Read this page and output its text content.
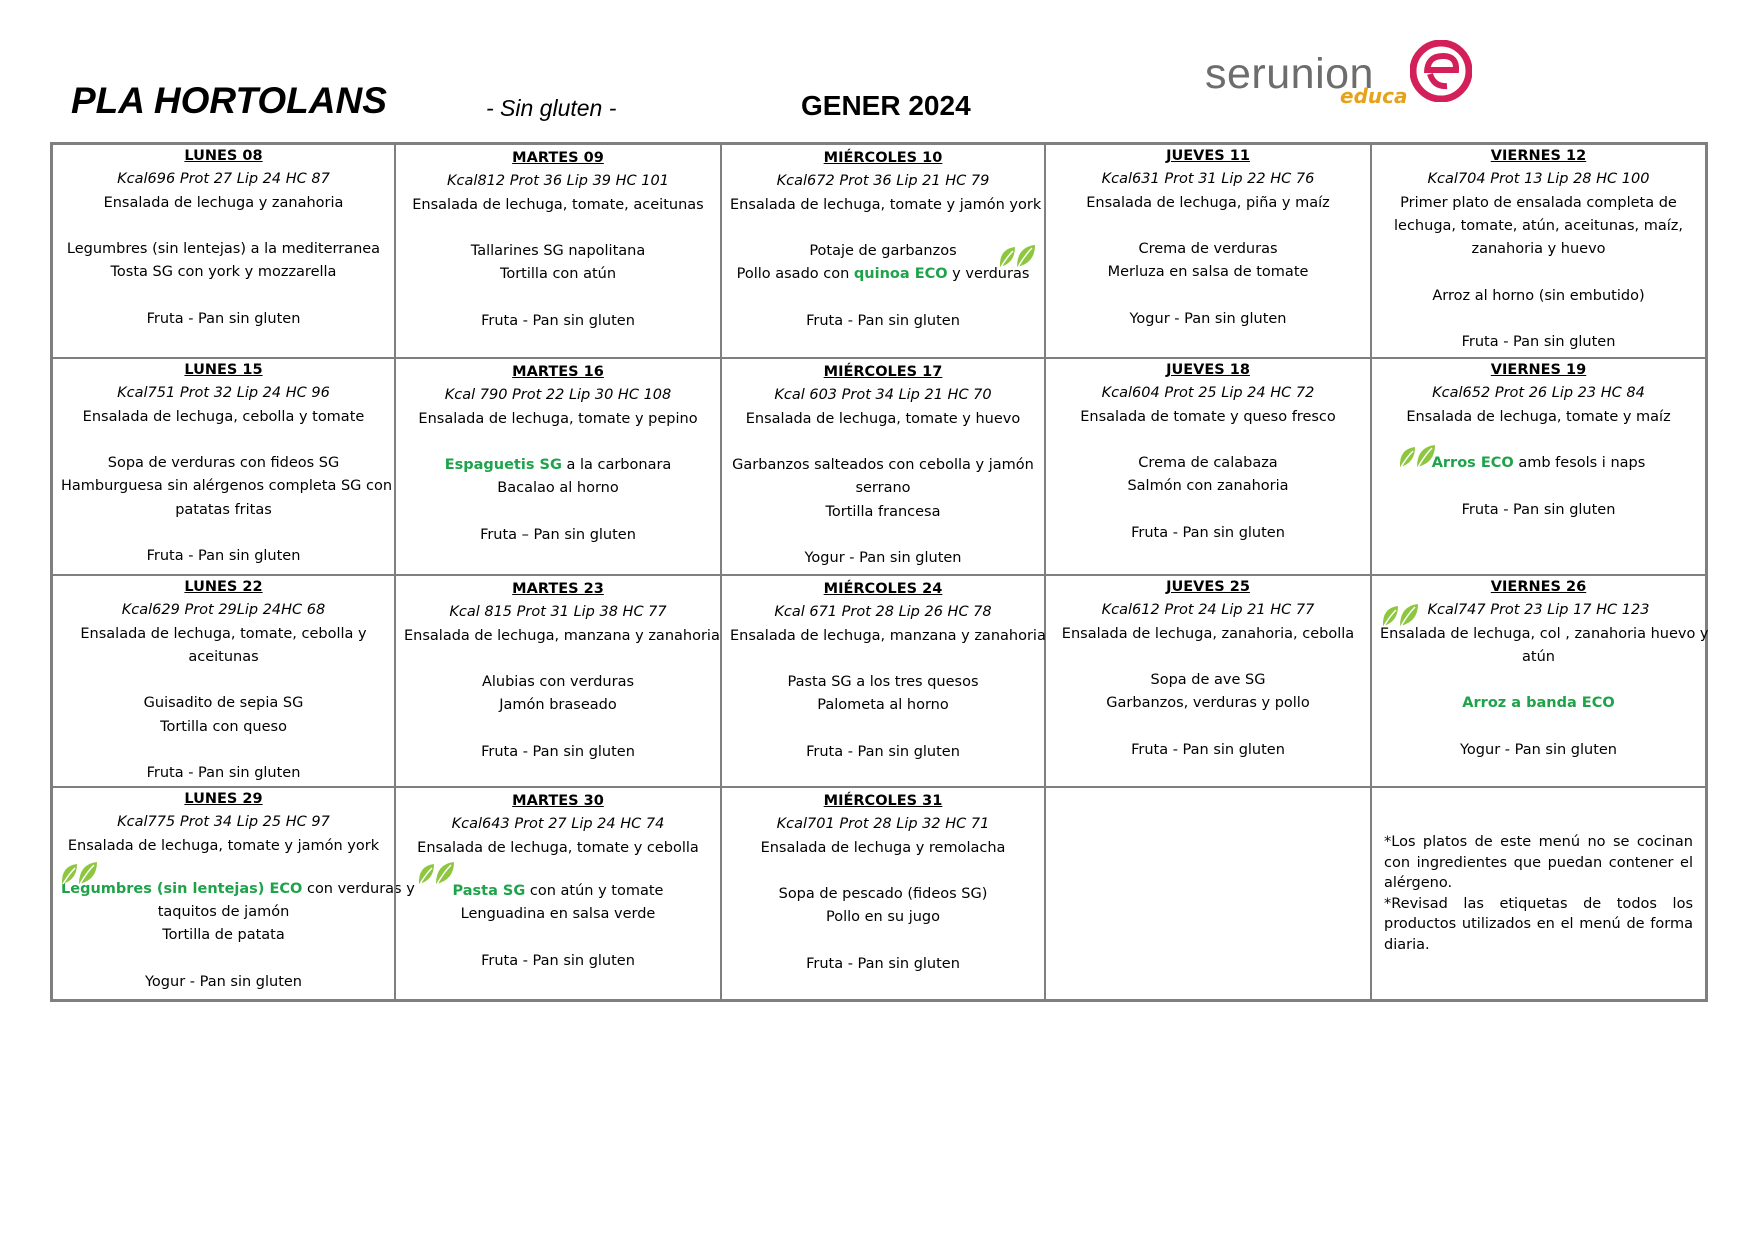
PLA HORTOLANS	- Sin gluten -	GENER 2024
serunion
educa
LUNES 08
Kcal696 Prot 27 Lip 24 HC 87
Ensalada de lechuga y zanahoria
Legumbres (sin lentejas) a la mediterranea
Tosta SG con york y mozzarella
Fruta - Pan sin gluten
MARTES 09
Kcal812 Prot 36 Lip 39 HC 101
Ensalada de lechuga, tomate, aceitunas
Tallarines SG napolitana
Tortilla con atún
Fruta - Pan sin gluten
MIÉRCOLES 10
Kcal672 Prot 36 Lip 21 HC 79
Ensalada de lechuga, tomate y jamón york
Potaje de garbanzos
Pollo asado con quinoa ECO y verduras
Fruta - Pan sin gluten
JUEVES 11
Kcal631 Prot 31 Lip 22 HC 76
Ensalada de lechuga, piña y maíz
Crema de verduras
Merluza en salsa de tomate
Yogur - Pan sin gluten
VIERNES 12
Kcal704 Prot 13 Lip 28 HC 100
Primer plato de ensalada completa de
lechuga, tomate, atún, aceitunas, maíz,
zanahoria y huevo
Arroz al horno (sin embutido)
Fruta - Pan sin gluten
LUNES 15
Kcal751 Prot 32 Lip 24 HC 96
Ensalada de lechuga, cebolla y tomate
Sopa de verduras con fideos SG
Hamburguesa sin alérgenos completa SG con
patatas fritas
Fruta - Pan sin gluten
MARTES 16
Kcal 790 Prot 22 Lip 30 HC 108
Ensalada de lechuga, tomate y pepino
Espaguetis SG a la carbonara
Bacalao al horno
Fruta – Pan sin gluten
MIÉRCOLES 17
Kcal 603 Prot 34 Lip 21 HC 70
Ensalada de lechuga, tomate y huevo
Garbanzos salteados con cebolla y jamón
serrano
Tortilla francesa
Yogur - Pan sin gluten
JUEVES 18
Kcal604 Prot 25 Lip 24 HC 72
Ensalada de tomate y queso fresco
Crema de calabaza
Salmón con zanahoria
Fruta - Pan sin gluten
VIERNES 19
Kcal652 Prot 26 Lip 23 HC 84
Ensalada de lechuga, tomate y maíz
Arros ECO amb fesols i naps
Fruta - Pan sin gluten
LUNES 22
Kcal629 Prot 29Lip 24HC 68
Ensalada de lechuga, tomate, cebolla y
aceitunas
Guisadito de sepia SG
Tortilla con queso
Fruta - Pan sin gluten
MARTES 23
Kcal 815 Prot 31 Lip 38 HC 77
Ensalada de lechuga, manzana y zanahoria
Alubias con verduras
Jamón braseado
Fruta - Pan sin gluten
MIÉRCOLES 24
Kcal 671 Prot 28 Lip 26 HC 78
Ensalada de lechuga, manzana y zanahoria
Pasta SG a los tres quesos
Palometa al horno
Fruta - Pan sin gluten
JUEVES 25
Kcal612 Prot 24 Lip 21 HC 77
Ensalada de lechuga, zanahoria, cebolla
Sopa de ave SG
Garbanzos, verduras y pollo
Fruta - Pan sin gluten
VIERNES 26
Kcal747 Prot 23 Lip 17 HC 123
Ensalada de lechuga, col , zanahoria huevo y
atún
Arroz a banda ECO
Yogur - Pan sin gluten
LUNES 29
Kcal775 Prot 34 Lip 25 HC 97
Ensalada de lechuga, tomate y jamón york
Legumbres (sin lentejas) ECO con verduras y
taquitos de jamón
Tortilla de patata
Yogur - Pan sin gluten
MARTES 30
Kcal643 Prot 27 Lip 24 HC 74
Ensalada de lechuga, tomate y cebolla
Pasta SG con atún y tomate
Lenguadina en salsa verde
Fruta - Pan sin gluten
MIÉRCOLES 31
Kcal701 Prot 28 Lip 32 HC 71
Ensalada de lechuga y remolacha
Sopa de pescado (fideos SG)
Pollo en su jugo
Fruta - Pan sin gluten

*Los platos de este menú no se cocinan con ingredientes que puedan contener el alérgeno.

*Revisad las etiquetas de todos los productos utilizados en el menú de forma diaria.
